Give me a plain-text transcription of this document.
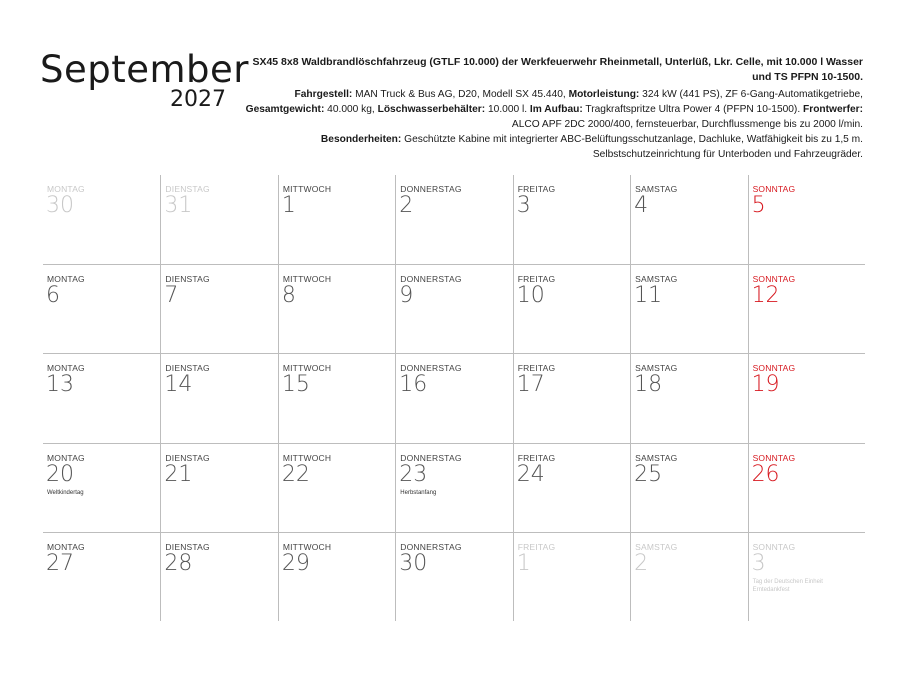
September
2027
SX45 8x8 Waldbrandlöschfahrzeug (GTLF 10.000) der Werkfeuerwehr Rheinmetall, Unterlüß, Lkr. Celle, mit 10.000 l Wasser und TS PFPN 10-1500.
Fahrgestell: MAN Truck & Bus AG, D20, Modell SX 45.440, Motorleistung: 324 kW (441 PS), ZF 6-Gang-Automatikgetriebe, Gesamtgewicht: 40.000 kg, Löschwasserbehälter: 10.000 l. Im Aufbau: Tragkraftspritze Ultra Power 4 (PFPN 10-1500). Frontwerfer: ALCO APF 2DC 2000/400, fernsteuerbar, Durchflussmenge bis zu 2000 l/min.
Besonderheiten: Geschützte Kabine mit integrierter ABC-Belüftungsschutzanlage, Dachluke, Watfähigkeit bis zu 1,5 m. Selbstschutzeinrichtung für Unterboden und Fahrzeugräder.
MONTAG
30
DIENSTAG
31
MITTWOCH
1
DONNERSTAG
2
FREITAG
3
SAMSTAG
4
SONNTAG
5
MONTAG
6
DIENSTAG
7
MITTWOCH
8
DONNERSTAG
9
FREITAG
10
SAMSTAG
11
SONNTAG
12
MONTAG
13
DIENSTAG
14
MITTWOCH
15
DONNERSTAG
16
FREITAG
17
SAMSTAG
18
SONNTAG
19
MONTAG
20
Weltkindertag
DIENSTAG
21
MITTWOCH
22
DONNERSTAG
23
Herbstanfang
FREITAG
24
SAMSTAG
25
SONNTAG
26
MONTAG
27
DIENSTAG
28
MITTWOCH
29
DONNERSTAG
30
FREITAG
1
SAMSTAG
2
SONNTAG
3
Tag der Deutschen Einheit Erntedankfest
